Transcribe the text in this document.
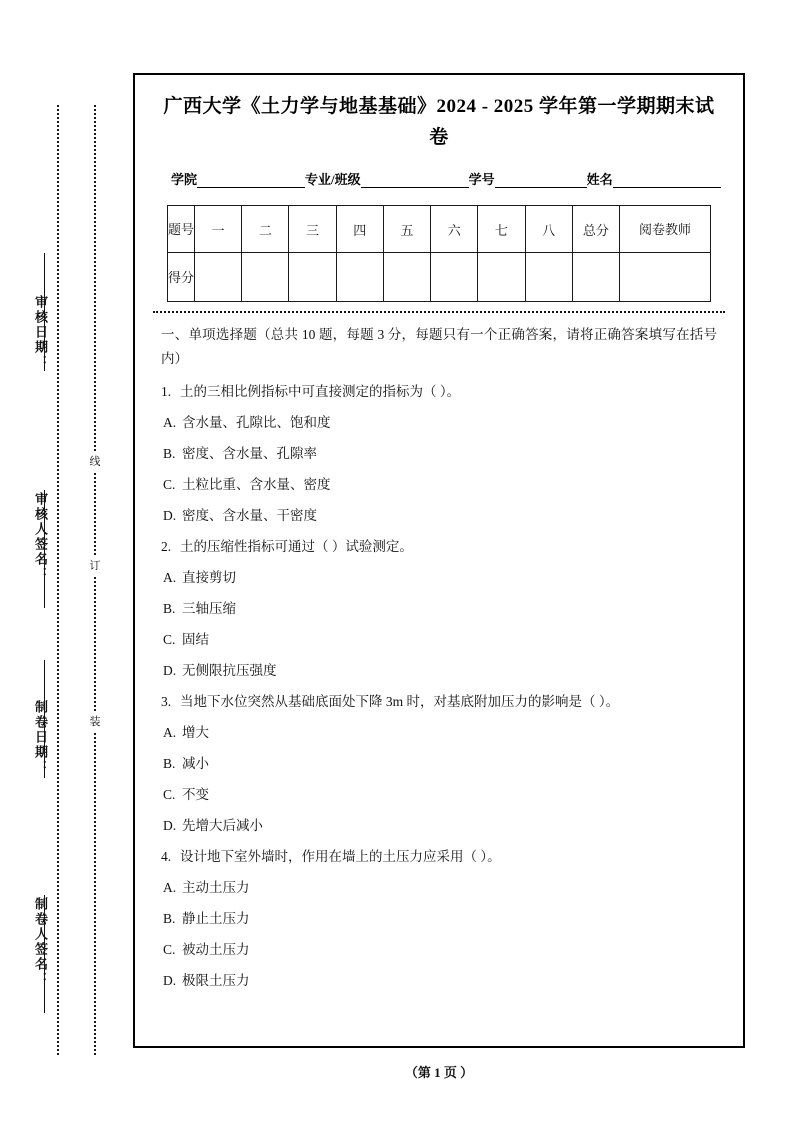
线
订
装
审核日期：
审核人签名：
制卷日期：
制卷人签名：
广西大学《土力学与地基基础》2024 - 2025 学年第一学期期末试卷
学院	专业/班级	学号	姓名
题号	一	二	三	四	五	六	七	八	总分	阅卷教师
得分										
一、单项选择题（总共 10 题，每题 3 分，每题只有一个正确答案，请将正确答案填写在括号内）
1. 土的三相比例指标中可直接测定的指标为（ ）。
A. 含水量、孔隙比、饱和度
B. 密度、含水量、孔隙率
C. 土粒比重、含水量、密度
D. 密度、含水量、干密度
2. 土的压缩性指标可通过（ ）试验测定。
A. 直接剪切
B. 三轴压缩
C. 固结
D. 无侧限抗压强度
3. 当地下水位突然从基础底面处下降 3m 时，对基底附加压力的影响是（ ）。
A. 增大
B. 减小
C. 不变
D. 先增大后减小
4. 设计地下室外墙时，作用在墙上的土压力应采用（ ）。
A. 主动土压力
B. 静止土压力
C. 被动土压力
D. 极限土压力
（第 1 页 ）
